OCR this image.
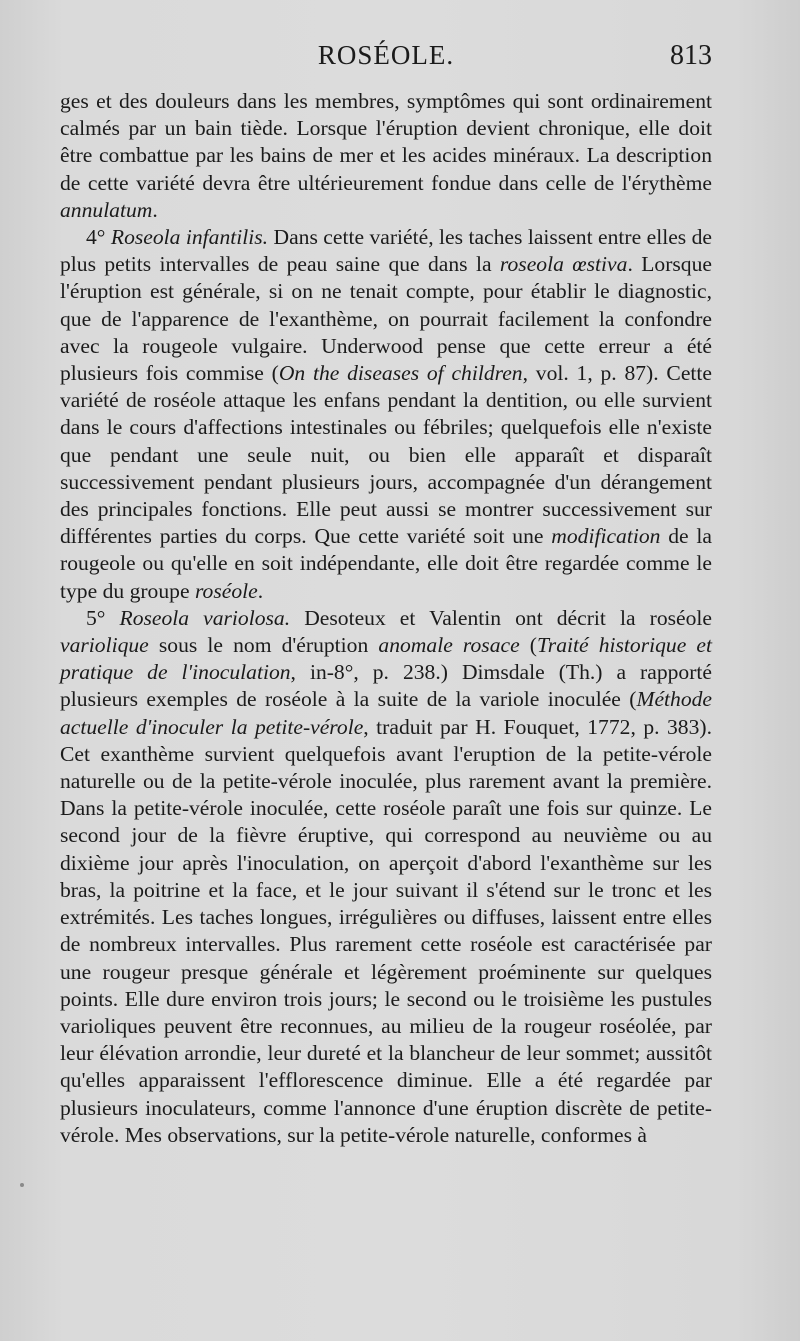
ROSÉOLE.	813

ges et des douleurs dans les membres, symptômes qui sont ordinairement calmés par un bain tiède. Lorsque l'éruption devient chronique, elle doit être combattue par les bains de mer et les acides minéraux. La description de cette variété devra être ultérieurement fondue dans celle de l'érythème annulatum.

4° Roseola infantilis. Dans cette variété, les taches laissent entre elles de plus petits intervalles de peau saine que dans la roseola œstiva. Lorsque l'éruption est générale, si on ne tenait compte, pour établir le diagnostic, que de l'apparence de l'exanthème, on pourrait facilement la confondre avec la rougeole vulgaire. Underwood pense que cette erreur a été plusieurs fois commise (On the diseases of children, vol. 1, p. 87). Cette variété de roséole attaque les enfans pendant la dentition, ou elle survient dans le cours d'affections intestinales ou fébriles; quelquefois elle n'existe que pendant une seule nuit, ou bien elle apparaît et disparaît successivement pendant plusieurs jours, accompagnée d'un dérangement des principales fonctions. Elle peut aussi se montrer successivement sur différentes parties du corps. Que cette variété soit une modification de la rougeole ou qu'elle en soit indépendante, elle doit être regardée comme le type du groupe roséole.

5° Roseola variolosa. Desoteux et Valentin ont décrit la roséole variolique sous le nom d'éruption anomale rosace (Traité historique et pratique de l'inoculation, in-8°, p. 238.) Dimsdale (Th.) a rapporté plusieurs exemples de roséole à la suite de la variole inoculée (Méthode actuelle d'inoculer la petite-vérole, traduit par H. Fouquet, 1772, p. 383). Cet exanthème survient quelquefois avant l'eruption de la petite-vérole naturelle ou de la petite-vérole inoculée, plus rarement avant la première. Dans la petite-vérole inoculée, cette roséole paraît une fois sur quinze. Le second jour de la fièvre éruptive, qui correspond au neuvième ou au dixième jour après l'inoculation, on aperçoit d'abord l'exanthème sur les bras, la poitrine et la face, et le jour suivant il s'étend sur le tronc et les extrémités. Les taches longues, irrégulières ou diffuses, laissent entre elles de nombreux intervalles. Plus rarement cette roséole est caractérisée par une rougeur presque générale et légèrement proéminente sur quelques points. Elle dure environ trois jours; le second ou le troisième les pustules varioliques peuvent être reconnues, au milieu de la rougeur roséolée, par leur élévation arrondie, leur dureté et la blancheur de leur sommet; aussitôt qu'elles apparaissent l'efflorescence diminue. Elle a été regardée par plusieurs inoculateurs, comme l'annonce d'une éruption discrète de petite-vérole. Mes observations, sur la petite-vérole naturelle, conformes à
